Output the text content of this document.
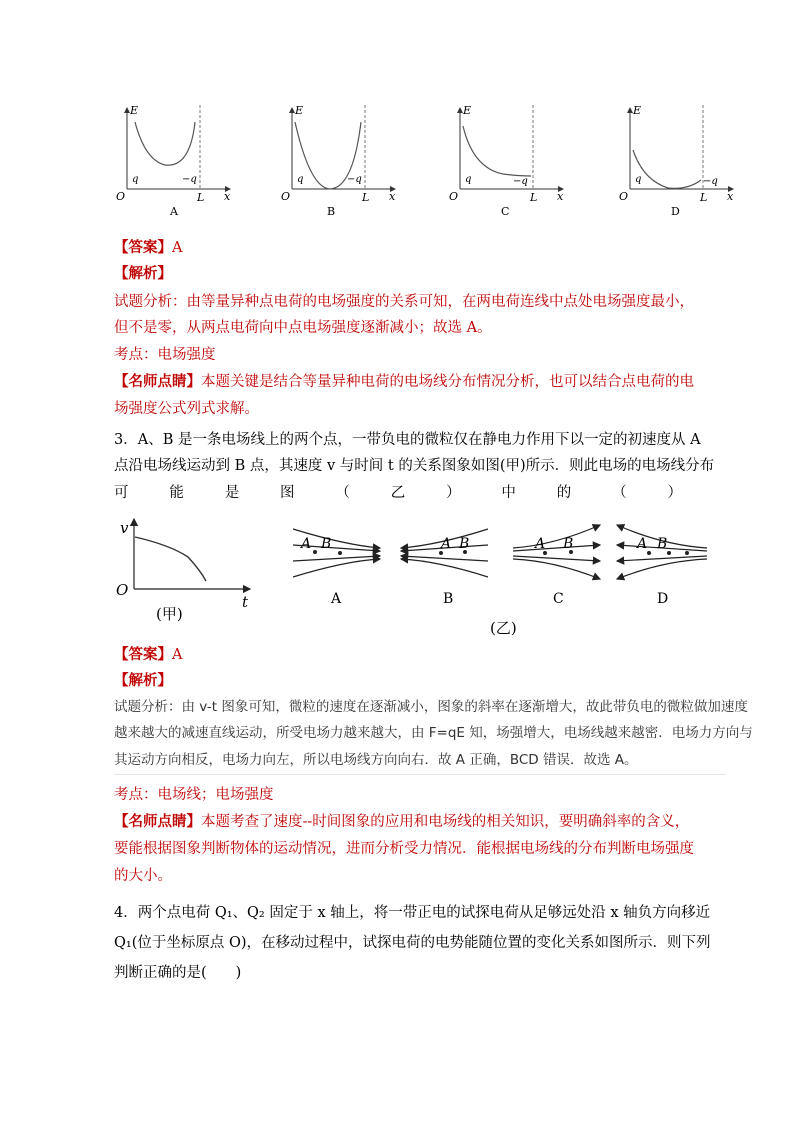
E
O
q	−q
L x
A
E
O
q	−q
L x
B
E
O
q	−q
L x
C
E
O
q	−q
L x
D
【答案】A
【解析】
试题分析：由等量异种点电荷的电场强度的关系可知，在两电荷连线中点处电场强度最小，
但不是零，从两点电荷向中点电场强度逐渐减小；故选 A。
考点：电场强度
【名师点睛】本题关键是结合等量异种电荷的电场线分布情况分析，也可以结合点电荷的电
场强度公式列式求解。
3．A、B 是一条电场线上的两个点，一带负电的微粒仅在静电力作用下以一定的初速度从 A
点沿电场线运动到 B 点，其速度 v 与时间 t 的关系图象如图(甲)所示．则此电场的电场线分布
可	能	是	图	（	乙	）	中	的	（	）
v
O
t
(甲)
A B
A
A B
B
A B
C
A B
D
(乙)
【答案】A
【解析】
试题分析：由 v-t 图象可知，微粒的速度在逐渐减小，图象的斜率在逐渐增大，故此带负电的微粒做加速度
越来越大的减速直线运动，所受电场力越来越大，由 F=qE 知，场强增大，电场线越来越密．电场力方向与
其运动方向相反，电场力向左，所以电场线方向向右．故 A 正确，BCD 错误．故选 A。
考点：电场线；电场强度
【名师点睛】本题考查了速度--时间图象的应用和电场线的相关知识，要明确斜率的含义，
要能根据图象判断物体的运动情况，进而分析受力情况．能根据电场线的分布判断电场强度
的大小。
4．两个点电荷 Q₁、Q₂ 固定于 x 轴上，将一带正电的试探电荷从足够远处沿 x 轴负方向移近
Q₁(位于坐标原点 O)，在移动过程中，试探电荷的电势能随位置的变化关系如图所示．则下列
判断正确的是(　　)
